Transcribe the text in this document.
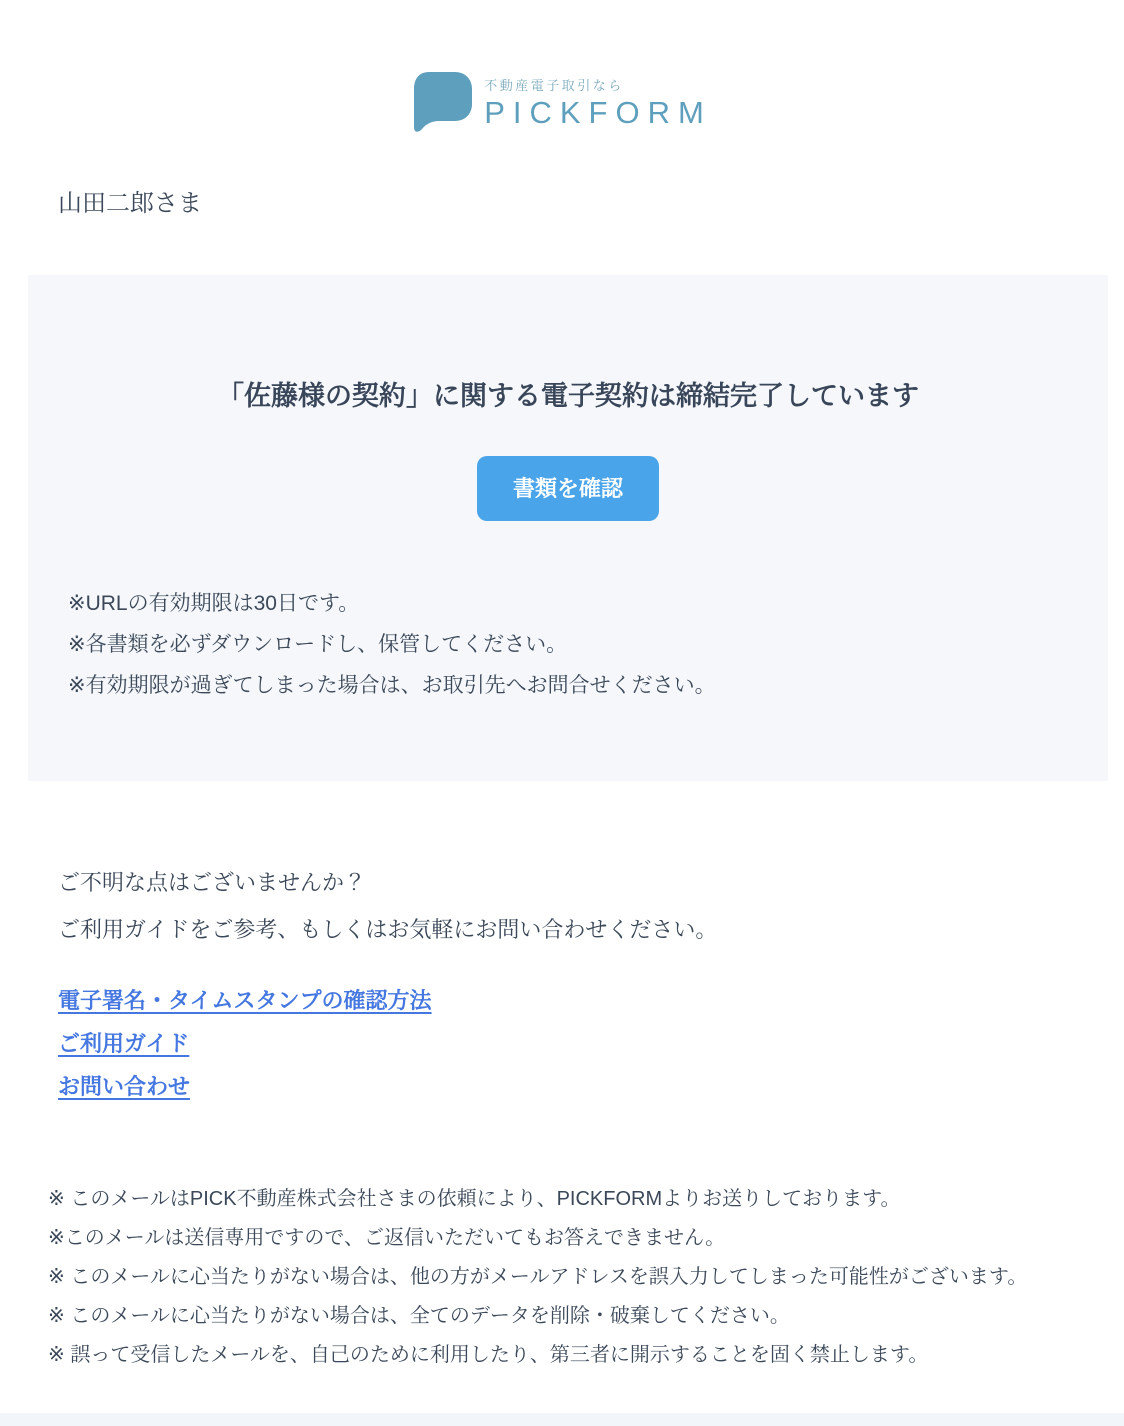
不動産電子取引なら
PICKFORM

山田二郎さま

「佐藤様の契約」に関する電子契約は締結完了しています
書類を確認

※URLの有効期限は30日です。

※各書類を必ずダウンロードし、保管してください。

※有効期限が過ぎてしまった場合は、お取引先へお問合せください。

ご不明な点はございませんか？

ご利用ガイドをご参考、もしくはお気軽にお問い合わせください。

電子署名・タイムスタンプの確認方法
ご利用ガイド
お問い合わせ

※ このメールはPICK不動産株式会社さまの依頼により、PICKFORMよりお送りしております。

※このメールは送信専用ですので、ご返信いただいてもお答えできません。

※ このメールに心当たりがない場合は、他の方がメールアドレスを誤入力してしまった可能性がございます。

※ このメールに心当たりがない場合は、全てのデータを削除・破棄してください。

※ 誤って受信したメールを、自己のために利用したり、第三者に開示することを固く禁止します。
